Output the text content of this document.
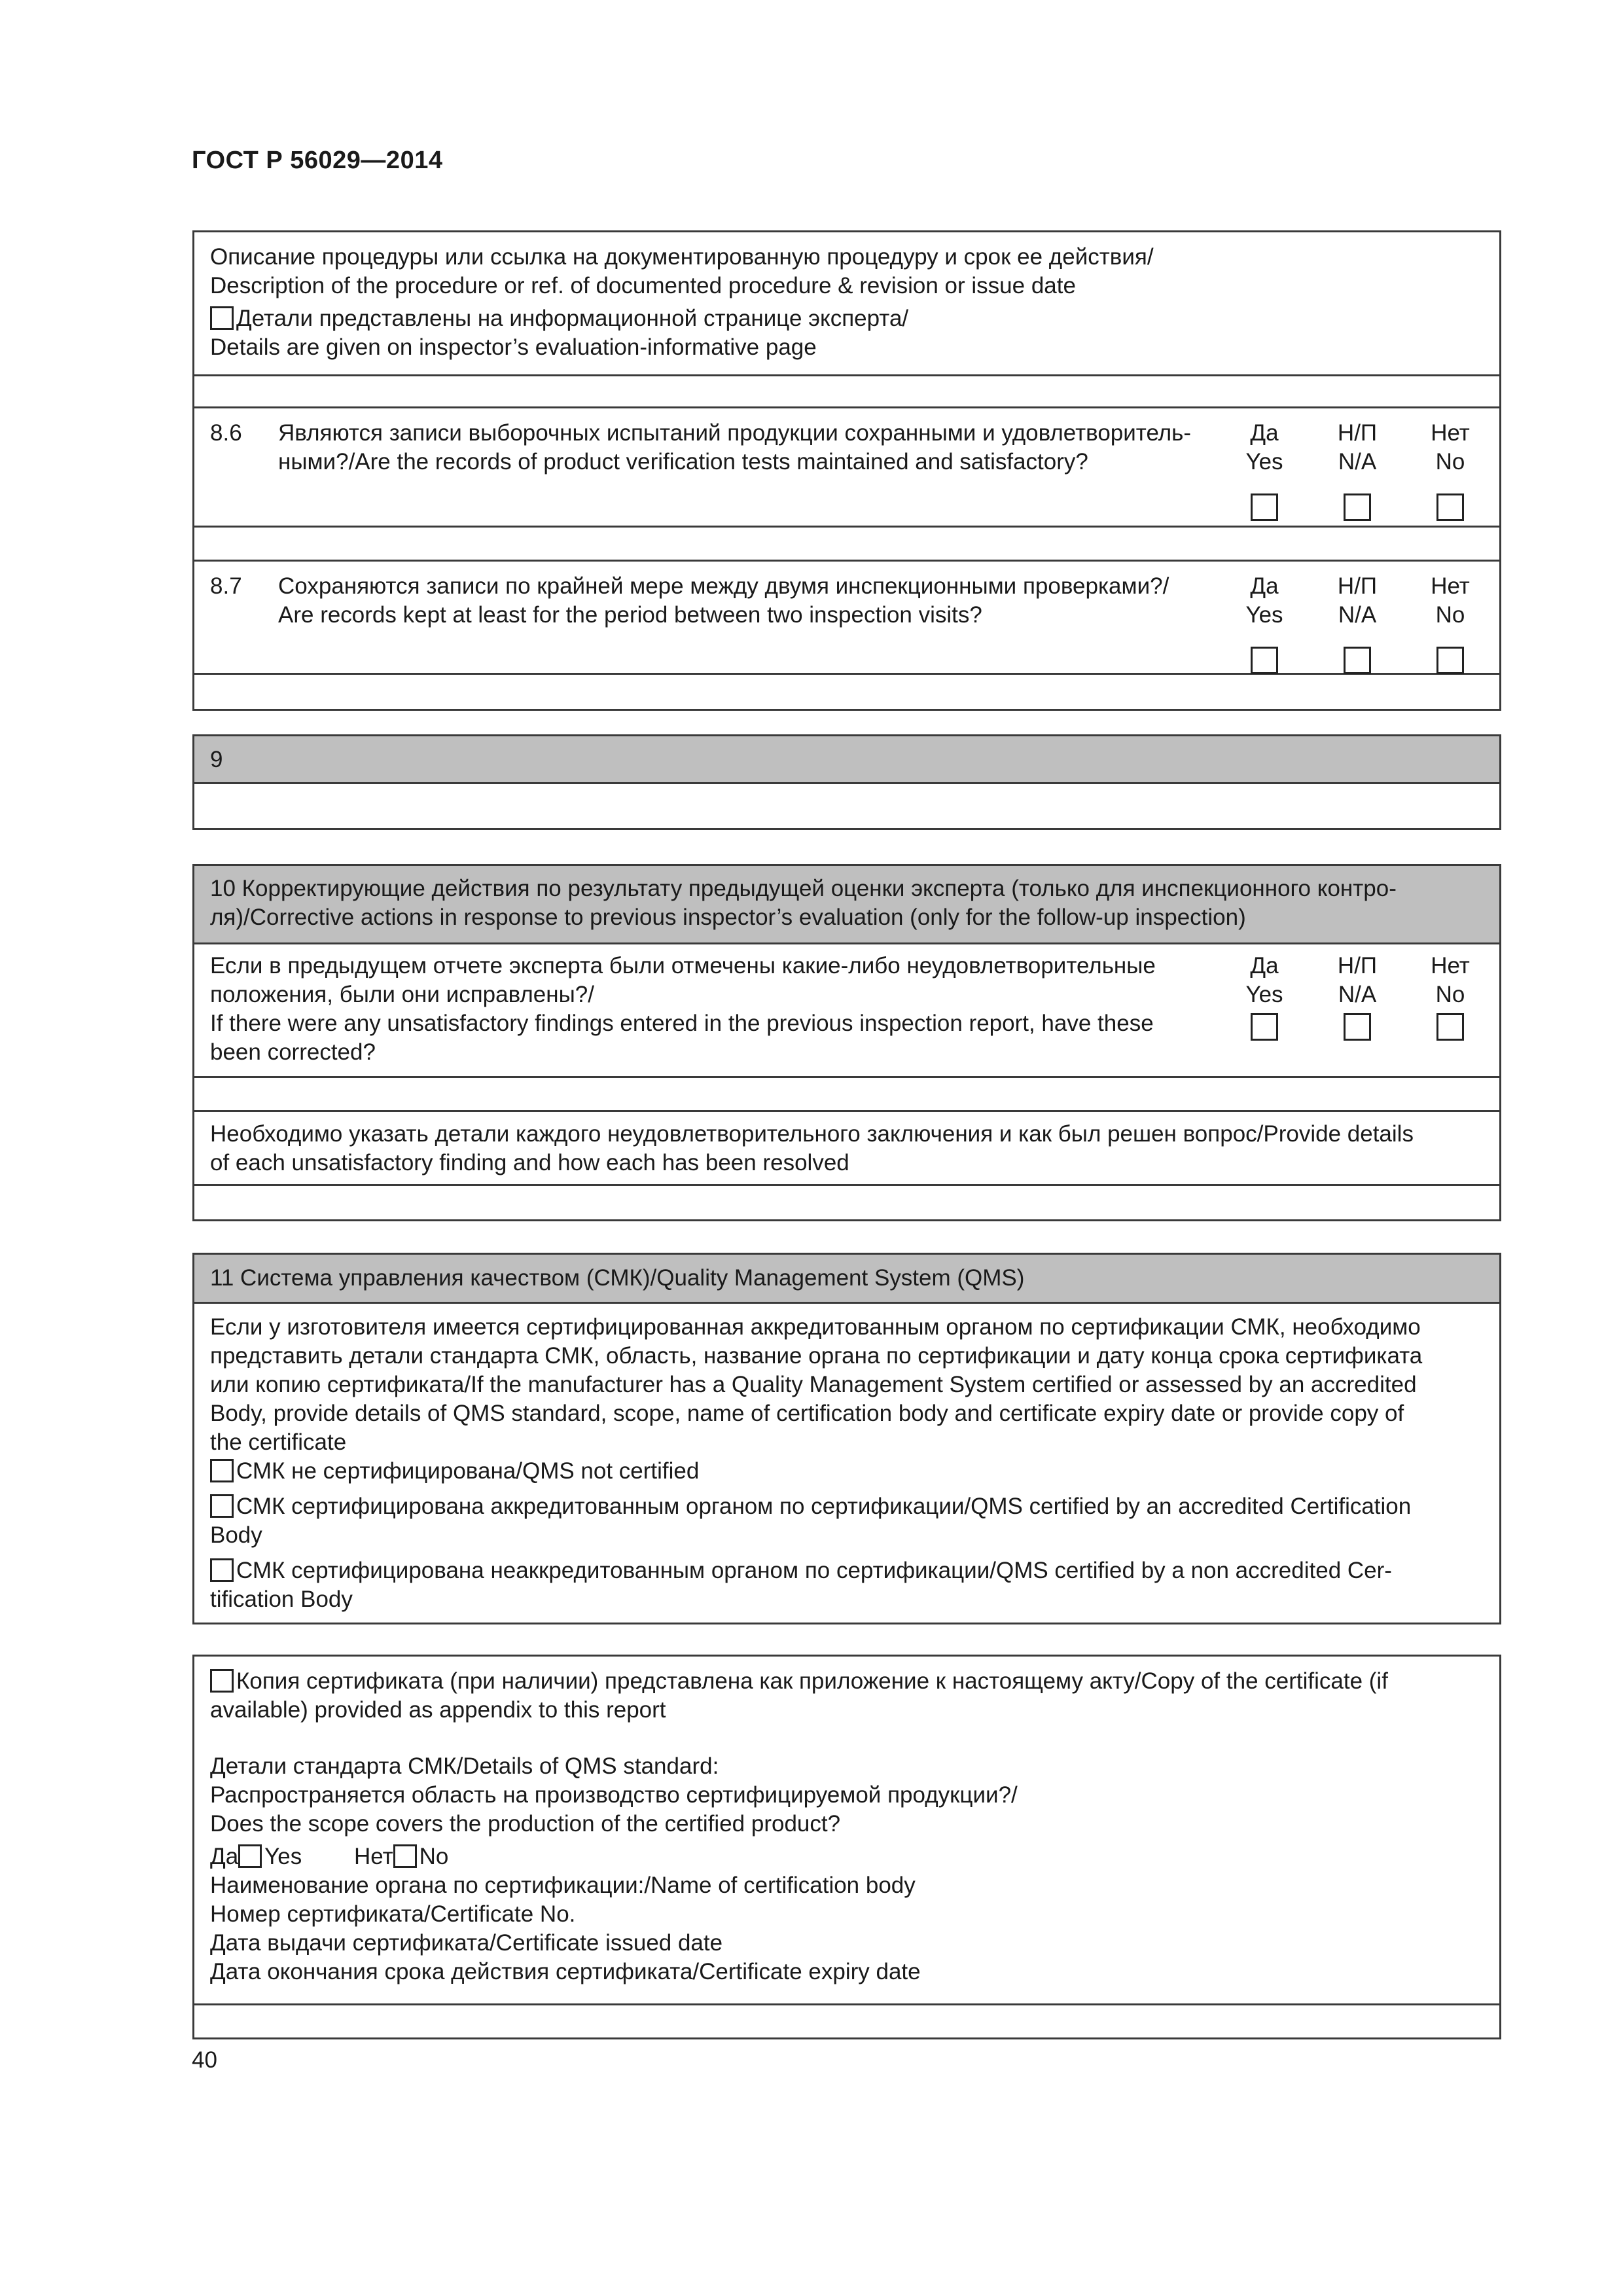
ГОСТ Р 56029—2014
Описание процедуры или ссылка на документированную процедуру и срок ее действия/
Description of the procedure or ref. of documented procedure & revision or issue date
Детали представлены на информационной странице эксперта/
Details are given on inspector’s evaluation-informative page
8.6	Являются записи выборочных испытаний продукции сохранными и удовлетворитель-
ными?/Are the records of product verification tests maintained and satisfactory?
Да
Yes
Н/П
N/A
Нет
No
8.7	Сохраняются записи по крайней мере между двумя инспекционными проверками?/
Are records kept at least for the period between two inspection visits?
Да
Yes
Н/П
N/A
Нет
No
9
10 Корректирующие действия по результату предыдущей оценки эксперта (только для инспекционного контро-
ля)/Corrective actions in response to previous inspector’s evaluation (only for the follow-up inspection)
Если в предыдущем отчете эксперта были отмечены какие-либо неудовлетворительные
положения, были они исправлены?/
If there were any unsatisfactory findings entered in the previous inspection report, have these
been corrected?
Да
Yes
Н/П
N/A
Нет
No
Необходимо указать детали каждого неудовлетворительного заключения и как был решен вопрос/Provide details
of each unsatisfactory finding and how each has been resolved
11 Система управления качеством (СМК)/Quality Management System (QMS)
Если у изготовителя имеется сертифицированная аккредитованным органом по сертификации СМК, необходимо
представить детали стандарта СМК, область, название органа по сертификации и дату конца срока сертификата
или копию сертификата/If the manufacturer has a Quality Management System certified or assessed by an accredited
Body, provide details of QMS standard, scope, name of certification body and certificate expiry date or provide copy of
the certificate
СМК не сертифицирована/QMS not certified
СМК сертифицирована аккредитованным органом по сертификации/QMS certified by an accredited Certification
Body
СМК сертифицирована неаккредитованным органом по сертификации/QMS certified by a non accredited Cer-
tification Body
Копия сертификата (при наличии) представлена как приложение к настоящему акту/Copy of the certificate (if
available) provided as appendix to this report
Детали стандарта СМК/Details of QMS standard:
Распространяется область на производство сертифицируемой продукции?/
Does the scope covers the production of the certified product?
Да Yes Нет No
Наименование органа по сертификации:/Name of certification body
Номер сертификата/Certificate No.
Дата выдачи сертификата/Certificate issued date
Дата окончания срока действия сертификата/Certificate expiry date
40
